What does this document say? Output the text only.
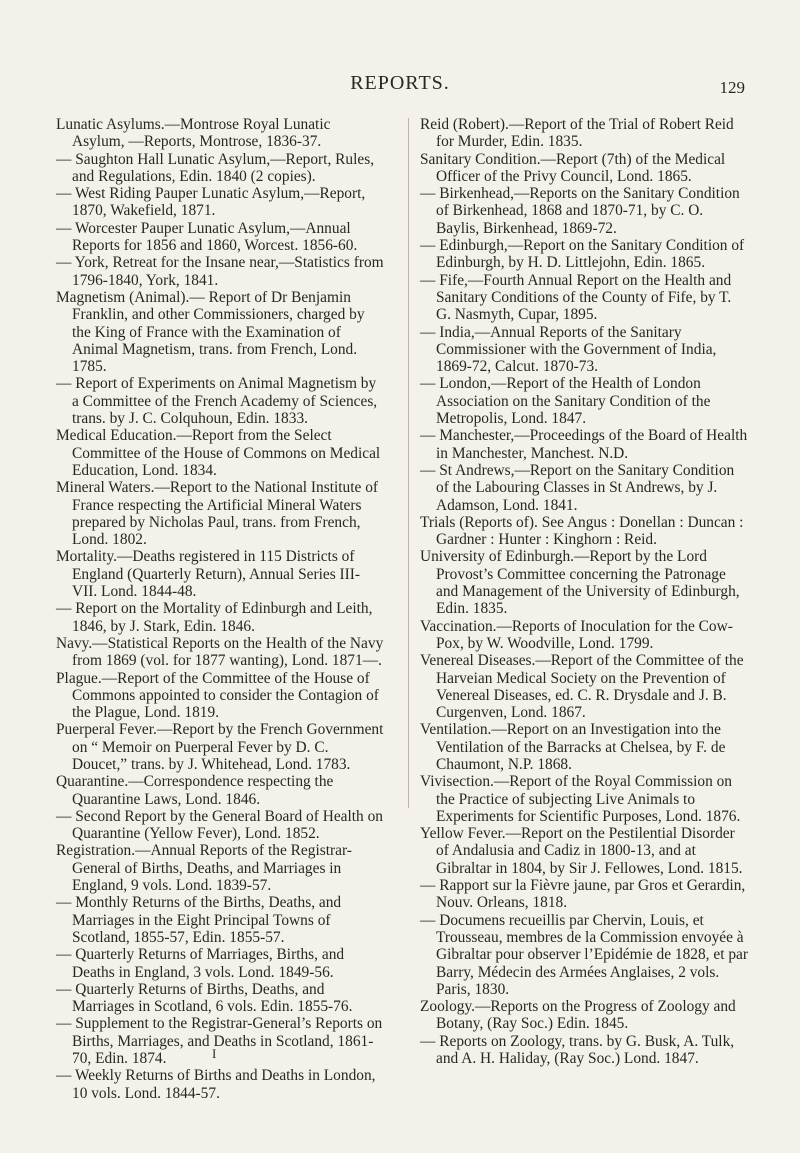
REPORTS.	129

Lunatic Asylums.—Montrose Royal Lunatic Asylum, —Reports, Montrose, 1836-37.

— Saughton Hall Lunatic Asylum,—Report, Rules, and Regulations, Edin. 1840 (2 copies).

— West Riding Pauper Lunatic Asylum,—Report, 1870, Wakefield, 1871.

— Worcester Pauper Lunatic Asylum,—Annual Reports for 1856 and 1860, Worcest. 1856-60.

— York, Retreat for the Insane near,—Statistics from 1796-1840, York, 1841.

Magnetism (Animal).— Report of Dr Benjamin Franklin, and other Commissioners, charged by the King of France with the Examination of Animal Magnetism, trans. from French, Lond. 1785.

— Report of Experiments on Animal Magnetism by a Committee of the French Academy of Sciences, trans. by J. C. Colquhoun, Edin. 1833.

Medical Education.—Report from the Select Committee of the House of Commons on Medical Education, Lond. 1834.

Mineral Waters.—Report to the National Institute of France respecting the Artificial Mineral Waters prepared by Nicholas Paul, trans. from French, Lond. 1802.

Mortality.—Deaths registered in 115 Districts of England (Quarterly Return), Annual Series III-VII. Lond. 1844-48.

— Report on the Mortality of Edinburgh and Leith, 1846, by J. Stark, Edin. 1846.

Navy.—Statistical Reports on the Health of the Navy from 1869 (vol. for 1877 wanting), Lond. 1871—.

Plague.—Report of the Committee of the House of Commons appointed to consider the Contagion of the Plague, Lond. 1819.

Puerperal Fever.—Report by the French Government on “ Memoir on Puerperal Fever by D. C. Doucet,” trans. by J. Whitehead, Lond. 1783.

Quarantine.—Correspondence respecting the Quarantine Laws, Lond. 1846.

— Second Report by the General Board of Health on Quarantine (Yellow Fever), Lond. 1852.

Registration.—Annual Reports of the Registrar-General of Births, Deaths, and Marriages in England, 9 vols. Lond. 1839-57.

— Monthly Returns of the Births, Deaths, and Marriages in the Eight Principal Towns of Scotland, 1855-57, Edin. 1855-57.

— Quarterly Returns of Marriages, Births, and Deaths in England, 3 vols. Lond. 1849-56.

— Quarterly Returns of Births, Deaths, and Marriages in Scotland, 6 vols. Edin. 1855-76.

— Supplement to the Registrar-General’s Reports on Births, Marriages, and Deaths in Scotland, 1861-70, Edin. 1874.

— Weekly Returns of Births and Deaths in London, 10 vols. Lond. 1844-57.

Reid (Robert).—Report of the Trial of Robert Reid for Murder, Edin. 1835.

Sanitary Condition.—Report (7th) of the Medical Officer of the Privy Council, Lond. 1865.

— Birkenhead,—Reports on the Sanitary Condition of Birkenhead, 1868 and 1870-71, by C. O. Baylis, Birkenhead, 1869-72.

— Edinburgh,—Report on the Sanitary Condition of Edinburgh, by H. D. Littlejohn, Edin. 1865.

— Fife,—Fourth Annual Report on the Health and Sanitary Conditions of the County of Fife, by T. G. Nasmyth, Cupar, 1895.

— India,—Annual Reports of the Sanitary Commissioner with the Government of India, 1869-72, Calcut. 1870-73.

— London,—Report of the Health of London Association on the Sanitary Condition of the Metropolis, Lond. 1847.

— Manchester,—Proceedings of the Board of Health in Manchester, Manchest. N.D.

— St Andrews,—Report on the Sanitary Condition of the Labouring Classes in St Andrews, by J. Adamson, Lond. 1841.

Trials (Reports of). See Angus : Donellan : Duncan : Gardner : Hunter : Kinghorn : Reid.

University of Edinburgh.—Report by the Lord Provost’s Committee concerning the Patronage and Management of the University of Edinburgh, Edin. 1835.

Vaccination.—Reports of Inoculation for the Cow-Pox, by W. Woodville, Lond. 1799.

Venereal Diseases.—Report of the Committee of the Harveian Medical Society on the Prevention of Venereal Diseases, ed. C. R. Drysdale and J. B. Curgenven, Lond. 1867.

Ventilation.—Report on an Investigation into the Ventilation of the Barracks at Chelsea, by F. de Chaumont, N.P. 1868.

Vivisection.—Report of the Royal Commission on the Practice of subjecting Live Animals to Experiments for Scientific Purposes, Lond. 1876.

Yellow Fever.—Report on the Pestilential Disorder of Andalusia and Cadiz in 1800-13, and at Gibraltar in 1804, by Sir J. Fellowes, Lond. 1815.

— Rapport sur la Fièvre jaune, par Gros et Gerardin, Nouv. Orleans, 1818.

— Documens recueillis par Chervin, Louis, et Trousseau, membres de la Commission envoyée à Gibraltar pour observer l’Epidémie de 1828, et par Barry, Médecin des Armées Anglaises, 2 vols. Paris, 1830.

Zoology.—Reports on the Progress of Zoology and Botany, (Ray Soc.) Edin. 1845.

— Reports on Zoology, trans. by G. Busk, A. Tulk, and A. H. Haliday, (Ray Soc.) Lond. 1847.

I
